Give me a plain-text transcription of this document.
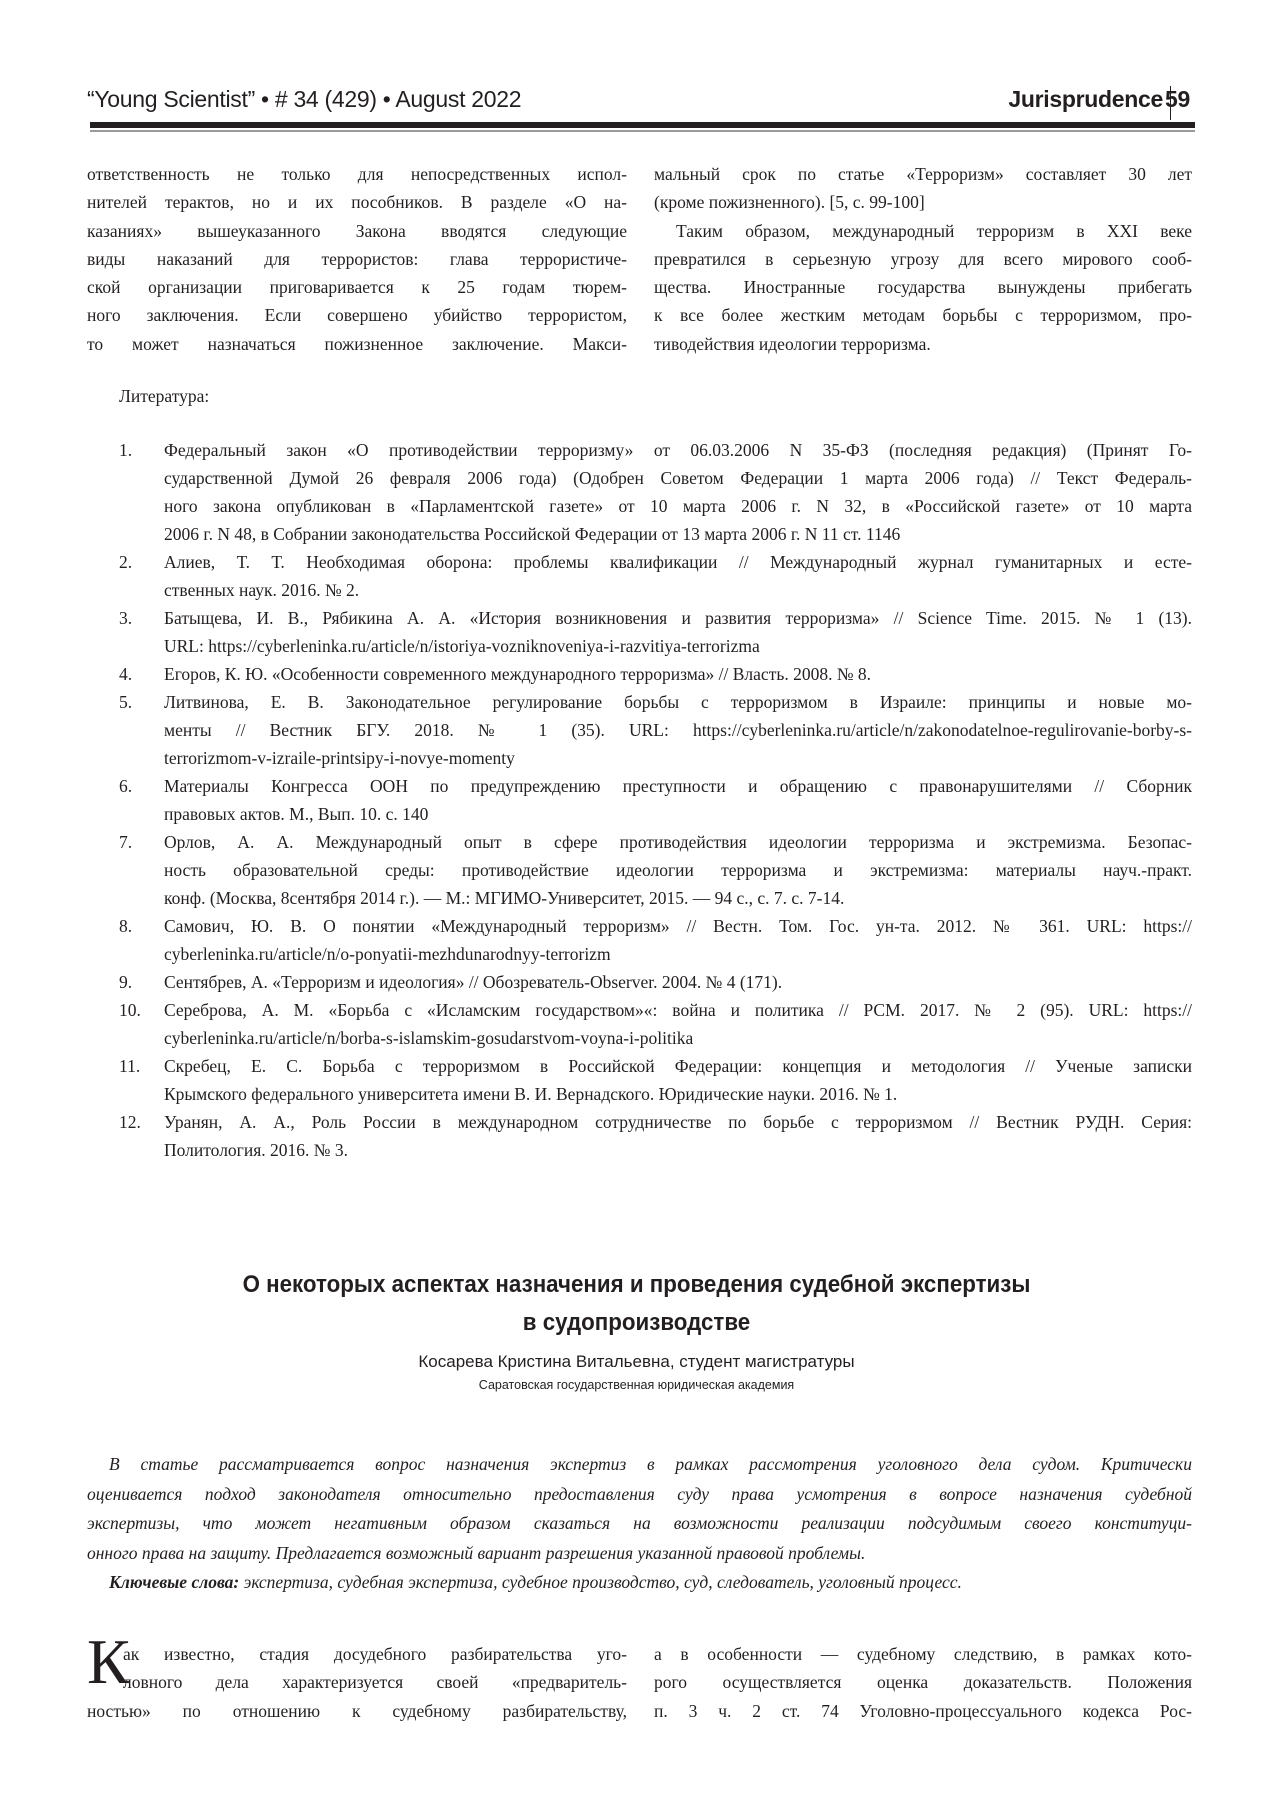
“Young Scientist” • # 34 (429) • August 2022	Jurisprudence 59
ответственность не только для непосредственных испол-
нителей терактов, но и их пособников. В разделе «О на-
казаниях» вышеуказанного Закона вводятся следующие
виды наказаний для террористов: глава террористиче-
ской организации приговаривается к 25 годам тюрем-
ного заключения. Если совершено убийство террористом,
то может назначаться пожизненное заключение. Макси-
мальный срок по статье «Терроризм» составляет 30 лет
(кроме пожизненного). [5, с. 99-100]
Таким образом, международный терроризм в XXI веке
превратился в серьезную угрозу для всего мирового сооб-
щества. Иностранные государства вынуждены прибегать
к все более жестким методам борьбы с терроризмом, про-
тиводействия идеологии терроризма.
Литература:
1. Федеральный закон «О противодействии терроризму» от 06.03.2006 N 35-ФЗ (последняя редакция) (Принят Го-
сударственной Думой 26 февраля 2006 года) (Одобрен Советом Федерации 1 марта 2006 года) // Текст Федераль-
ного закона опубликован в «Парламентской газете» от 10 марта 2006 г. N 32, в «Российской газете» от 10 марта
2006 г. N 48, в Собрании законодательства Российской Федерации от 13 марта 2006 г. N 11 ст. 1146
2. Алиев, Т. Т. Необходимая оборона: проблемы квалификации // Международный журнал гуманитарных и есте-
ственных наук. 2016. № 2.
3. Батыщева, И. В., Рябикина А. А. «История возникновения и развития терроризма» // Science Time. 2015. № 1 (13).
URL: https://cyberleninka.ru/article/n/istoriya-vozniknoveniya-i-razvitiya-terrorizma
4. Егоров, К. Ю. «Особенности современного международного терроризма» // Власть. 2008. № 8.
5. Литвинова, Е. В. Законодательное регулирование борьбы с терроризмом в Израиле: принципы и новые мо-
менты // Вестник БГУ. 2018. № 1 (35). URL: https://cyberleninka.ru/article/n/zakonodatelnoe-regulirovanie-borby-s-
terrorizmom-v-izraile-printsipy-i-novye-momenty
6. Материалы Конгресса ООН по предупреждению преступности и обращению с правонарушителями // Сборник
правовых актов. М., Вып. 10. с. 140
7. Орлов, А. А. Международный опыт в сфере противодействия идеологии терроризма и экстремизма. Безопас-
ность образовательной среды: противодействие идеологии терроризма и экстремизма: материалы науч.-практ.
конф. (Москва, 8сентября 2014 г.). — М.: МГИМО-Университет, 2015. — 94 с., с. 7. с. 7-14.
8. Самович, Ю. В. О понятии «Международный терроризм» // Вестн. Том. Гос. ун-та. 2012. № 361. URL: https://
cyberleninka.ru/article/n/o-ponyatii-mezhdunarodnyy-terrorizm
9. Сентябрев, А. «Терроризм и идеология» // Обозреватель-Observer. 2004. № 4 (171).
10. Сереброва, А. М. «Борьба с «Исламским государством»«: война и политика // РСМ. 2017. № 2 (95). URL: https://
cyberleninka.ru/article/n/borba-s-islamskim-gosudarstvom-voyna-i-politika
11. Скребец, Е. С. Борьба с терроризмом в Российской Федерации: концепция и методология // Ученые записки
Крымского федерального университета имени В. И. Вернадского. Юридические науки. 2016. № 1.
12. Уранян, А. А., Роль России в международном сотрудничестве по борьбе с терроризмом // Вестник РУДН. Серия:
Политология. 2016. № 3.
О некоторых аспектах назначения и проведения судебной экспертизы
в судопроизводстве
Косарева Кристина Витальевна, студент магистратуры
Саратовская государственная юридическая академия
В статье рассматривается вопрос назначения экспертиз в рамках рассмотрения уголовного дела судом. Критически
оценивается подход законодателя относительно предоставления суду права усмотрения в вопросе назначения судебной
экспертизы, что может негативным образом сказаться на возможности реализации подсудимым своего конституци-
онного права на защиту. Предлагается возможный вариант разрешения указанной правовой проблемы.
Ключевые слова: экспертиза, судебная экспертиза, судебное производство, суд, следователь, уголовный процесс.
К
ак известно, стадия досудебного разбирательства уго-
ловного дела характеризуется своей «предваритель-
ностью» по отношению к судебному разбирательству,
а в особенности — судебному следствию, в рамках кото-
рого осуществляется оценка доказательств. Положения
п. 3 ч. 2 ст. 74 Уголовно-процессуального кодекса Рос-
